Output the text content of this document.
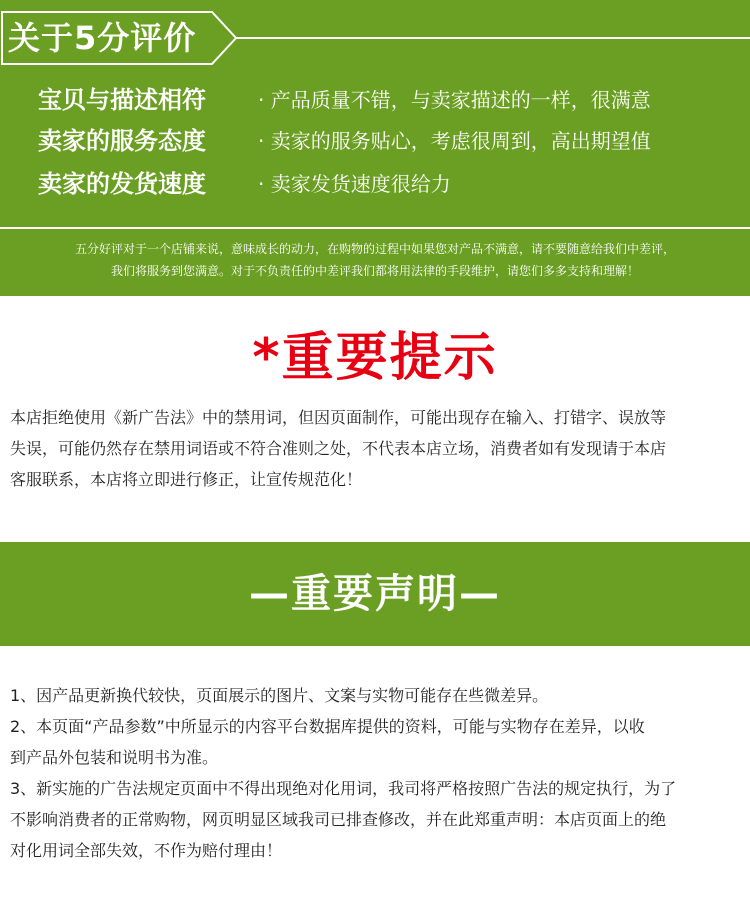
关于5分评价
宝贝与描述相符	· 产品质量不错，与卖家描述的一样，很满意
卖家的服务态度	· 卖家的服务贴心，考虑很周到，高出期望值
卖家的发货速度	· 卖家发货速度很给力
五分好评对于一个店铺来说，意味成长的动力，在购物的过程中如果您对产品不满意，请不要随意给我们中差评，
我们将服务到您满意。对于不负责任的中差评我们都将用法律的手段维护，请您们多多支持和理解！
*重要提示
本店拒绝使用《新广告法》中的禁用词，但因页面制作，可能出现存在输入、打错字、误放等
失误，可能仍然存在禁用词语或不符合准则之处，不代表本店立场，消费者如有发现请于本店
客服联系，本店将立即进行修正，让宣传规范化！
—重要声明—
1、因产品更新换代较快，页面展示的图片、文案与实物可能存在些微差异。
2、本页面“产品参数”中所显示的内容平台数据库提供的资料，可能与实物存在差异，以收
到产品外包装和说明书为准。
3、新实施的广告法规定页面中不得出现绝对化用词，我司将严格按照广告法的规定执行，为了
不影响消费者的正常购物，网页明显区域我司已排查修改，并在此郑重声明：本店页面上的绝
对化用词全部失效，不作为赔付理由！
